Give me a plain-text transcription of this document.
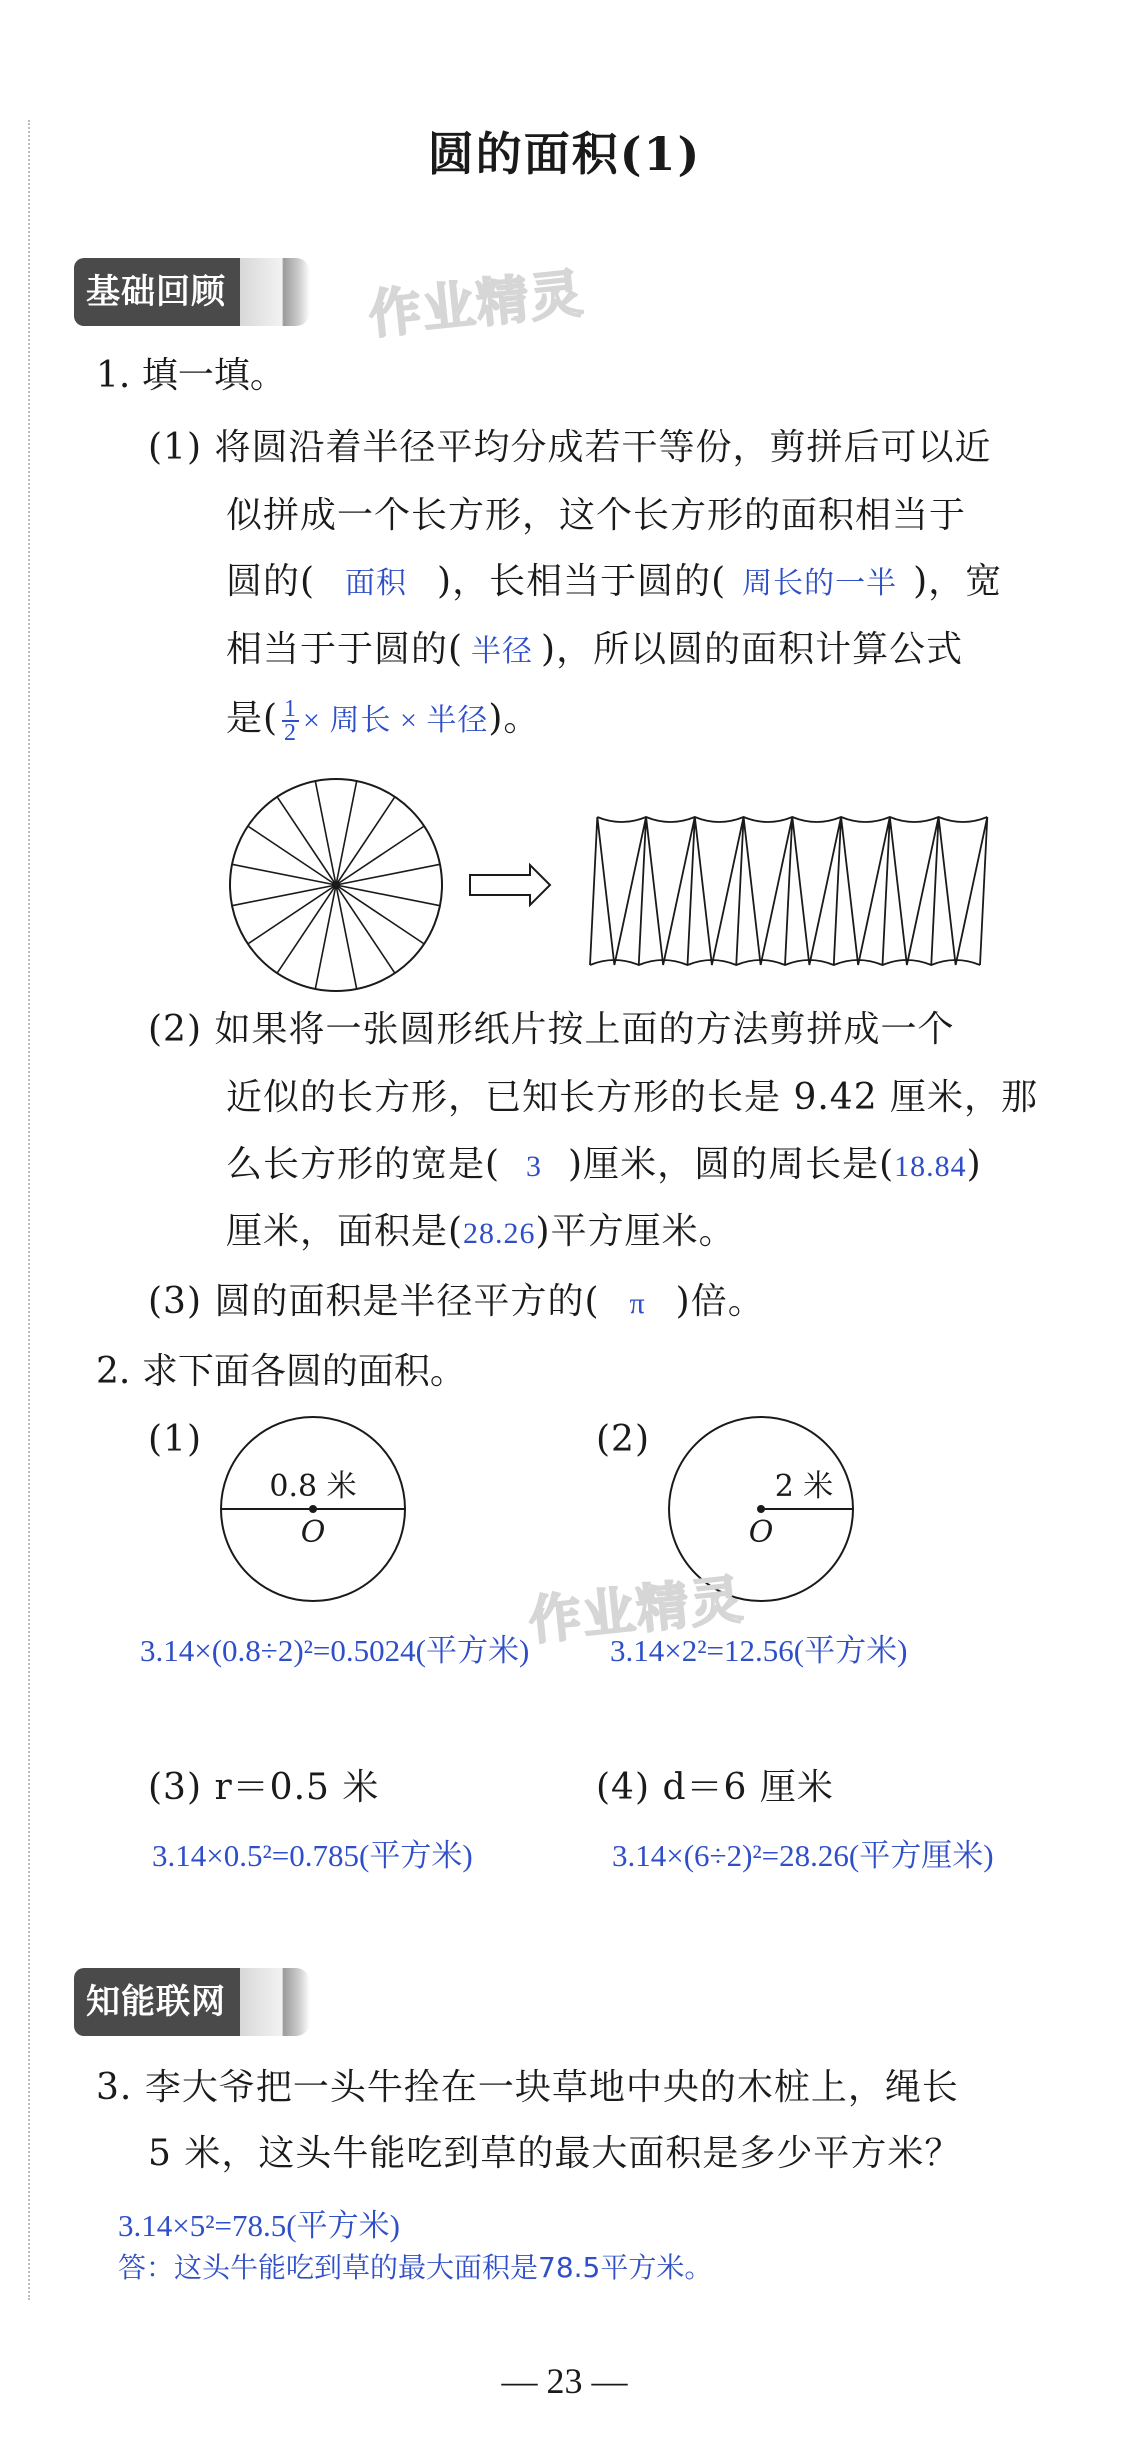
圆的面积(1)
基础回顾	作业精灵
1. 填一填。
(1) 将圆沿着半径平均分成若干等份，剪拼后可以近
似拼成一个长方形，这个长方形的面积相当于
圆的( 面积 )，长相当于圆的( 周长的一半 )，宽
相当于于圆的( 半径 )，所以圆的面积计算公式
是( $\frac{1}{2}$ × 周长 × 半径)。
(2) 如果将一张圆形纸片按上面的方法剪拼成一个
近似的长方形，已知长方形的长是 9.42 厘米，那
么长方形的宽是( 3 )厘米，圆的周长是(18.84)
厘米，面积是(28.26)平方厘米。
(3) 圆的面积是半径平方的( π )倍。
2. 求下面各圆的面积。
(1)
0.8 米
O
(2)
2 米
O
作业精灵
3.14×(0.8÷2)²=0.5024(平方米)	3.14×2²=12.56(平方米)
(3) r＝0.5 米	(4) d＝6 厘米
3.14×0.5²=0.785(平方米)	3.14×(6÷2)²=28.26(平方厘米)
知能联网
3. 李大爷把一头牛拴在一块草地中央的木桩上，绳长
5 米，这头牛能吃到草的最大面积是多少平方米？
3.14×5²=78.5(平方米)
答：这头牛能吃到草的最大面积是78.5平方米。
— 23 —
